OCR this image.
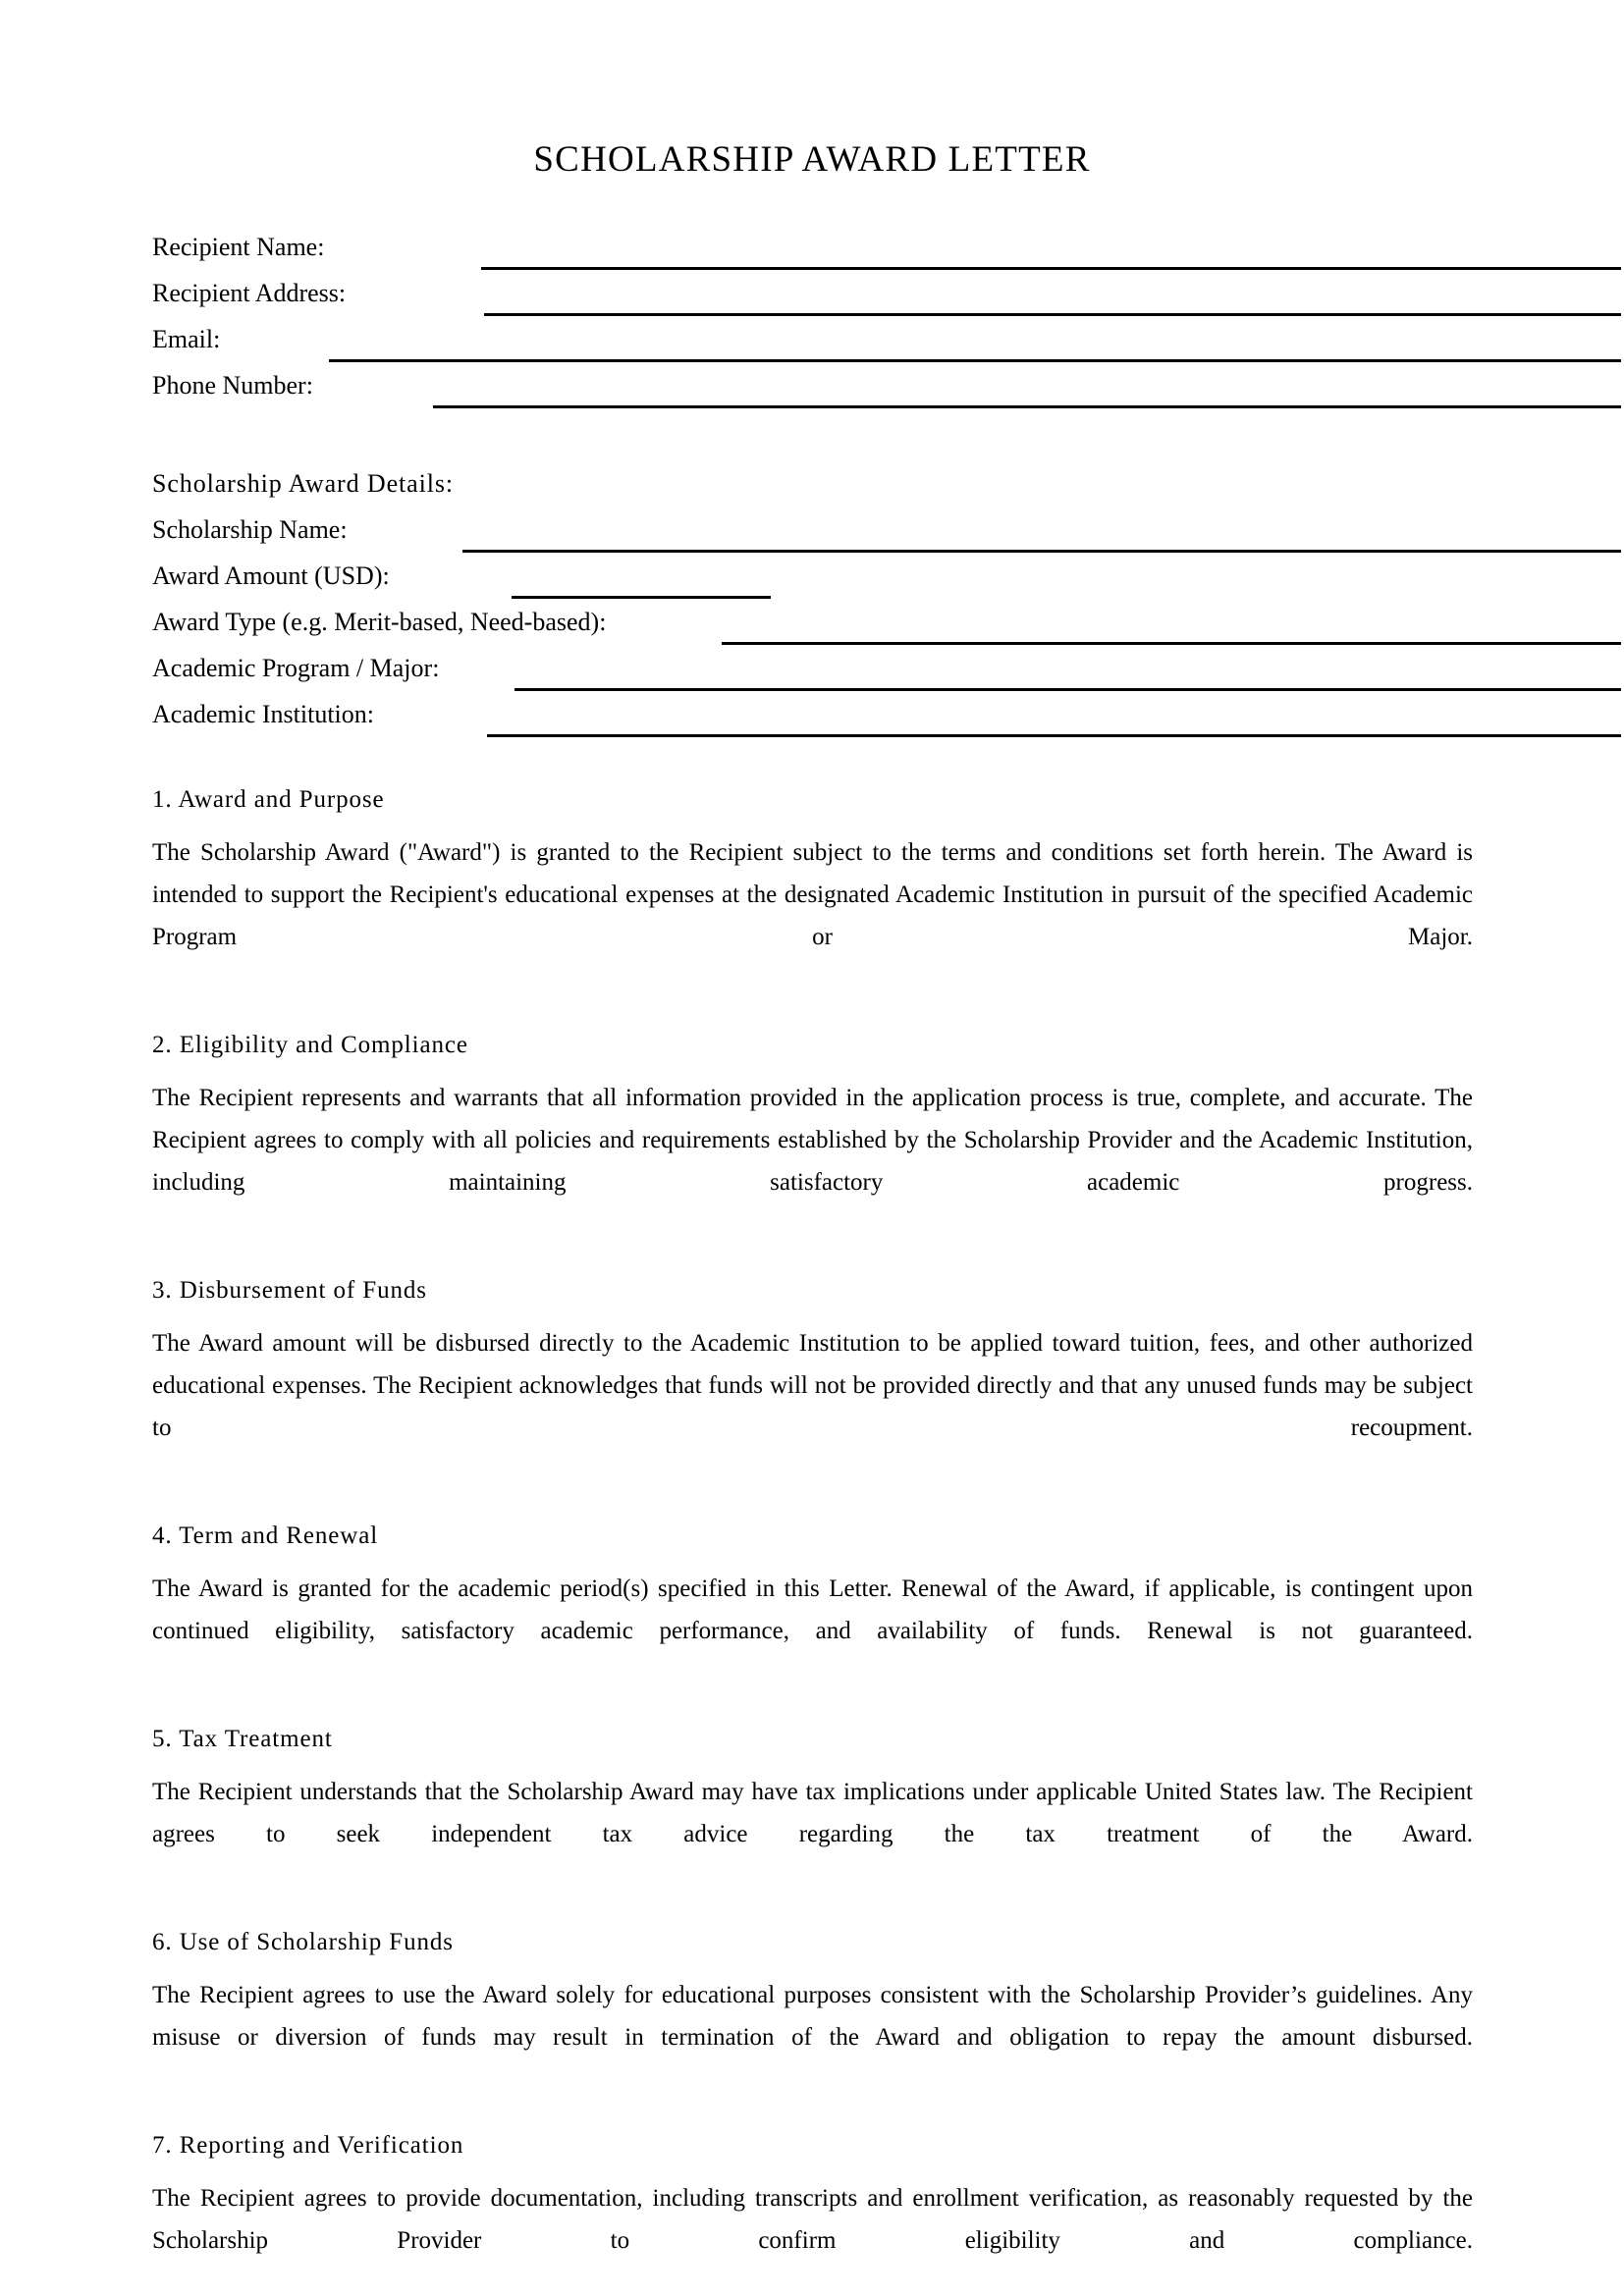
SCHOLARSHIP AWARD LETTER
Recipient Name:
Recipient Address:
Email:
Phone Number:
Scholarship Award Details:
Scholarship Name:
Award Amount (USD):
Award Type (e.g. Merit-based, Need-based):
Academic Program / Major:
Academic Institution:
1. Award and Purpose

The Scholarship Award ("Award") is granted to the Recipient subject to the terms and conditions set forth herein. The Award is intended to support the Recipient's educational expenses at the designated Academic Institution in pursuit of the specified Academic Program or Major.

2. Eligibility and Compliance

The Recipient represents and warrants that all information provided in the application process is true, complete, and accurate. The Recipient agrees to comply with all policies and requirements established by the Scholarship Provider and the Academic Institution, including maintaining satisfactory academic progress.

3. Disbursement of Funds

The Award amount will be disbursed directly to the Academic Institution to be applied toward tuition, fees, and other authorized educational expenses. The Recipient acknowledges that funds will not be provided directly and that any unused funds may be subject to recoupment.

4. Term and Renewal

The Award is granted for the academic period(s) specified in this Letter. Renewal of the Award, if applicable, is contingent upon continued eligibility, satisfactory academic performance, and availability of funds. Renewal is not guaranteed.

5. Tax Treatment

The Recipient understands that the Scholarship Award may have tax implications under applicable United States law. The Recipient agrees to seek independent tax advice regarding the tax treatment of the Award.

6. Use of Scholarship Funds

The Recipient agrees to use the Award solely for educational purposes consistent with the Scholarship Provider’s guidelines. Any misuse or diversion of funds may result in termination of the Award and obligation to repay the amount disbursed.

7. Reporting and Verification

The Recipient agrees to provide documentation, including transcripts and enrollment verification, as reasonably requested by the Scholarship Provider to confirm eligibility and compliance.
